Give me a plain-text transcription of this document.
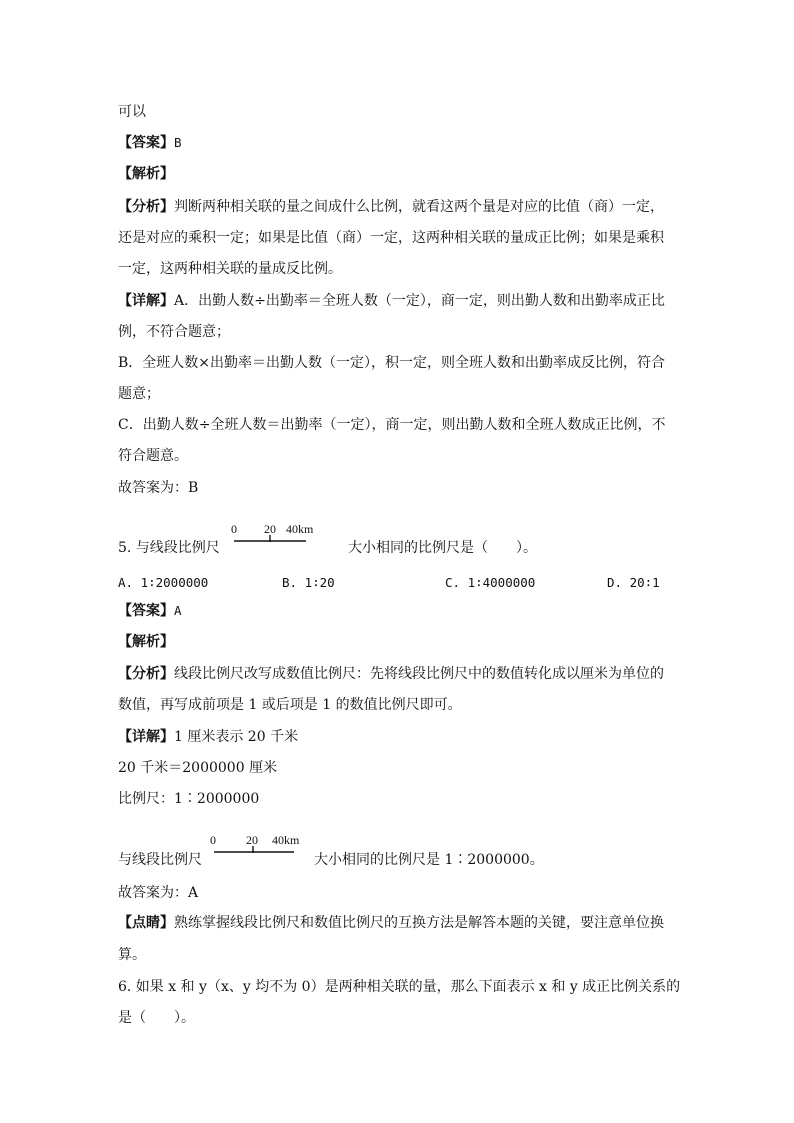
可以
【答案】B
【解析】
【分析】判断两种相关联的量之间成什么比例，就看这两个量是对应的比值（商）一定，
还是对应的乘积一定；如果是比值（商）一定，这两种相关联的量成正比例；如果是乘积
一定，这两种相关联的量成反比例。
【详解】A．出勤人数÷出勤率＝全班人数（一定），商一定，则出勤人数和出勤率成正比
例，不符合题意；
B．全班人数×出勤率＝出勤人数（一定），积一定，则全班人数和出勤率成反比例，符合
题意；
C．出勤人数÷全班人数＝出勤率（一定），商一定，则出勤人数和全班人数成正比例，不
符合题意。
故答案为：B
5. 与线段比例尺
0 20 40km
大小相同的比例尺是（　　）。
A. 1∶2000000	B. 1∶20	C. 1∶4000000	D. 20∶1
【答案】A
【解析】
【分析】线段比例尺改写成数值比例尺：先将线段比例尺中的数值转化成以厘米为单位的
数值，再写成前项是 1 或后项是 1 的数值比例尺即可。
【详解】1 厘米表示 20 千米
20 千米＝2000000 厘米
比例尺：1∶2000000
与线段比例尺
0	20 40km
大小相同的比例尺是 1∶2000000。
故答案为：A
【点睛】熟练掌握线段比例尺和数值比例尺的互换方法是解答本题的关键，要注意单位换
算。
6. 如果 x 和 y（x、y 均不为 0）是两种相关联的量，那么下面表示 x 和 y 成正比例关系的
是（　　）。
